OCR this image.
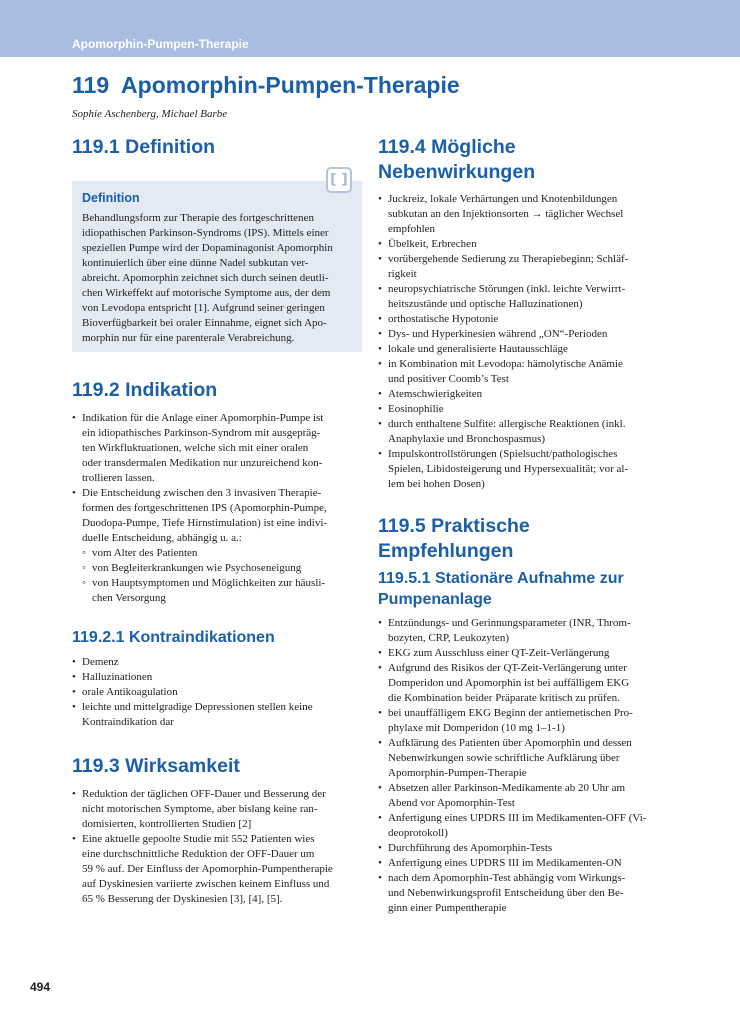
Apomorphin-Pumpen-Therapie
119 Apomorphin-Pumpen-Therapie
Sophie Aschenberg, Michael Barbe
119.1 Definition
[ ]
Definition

Behandlungsform zur Therapie des fortgeschrittenen
idiopathischen Parkinson-Syndroms (IPS). Mittels einer
speziellen Pumpe wird der Dopaminagonist Apomorphin
kontinuierlich über eine dünne Nadel subkutan ver-
abreicht. Apomorphin zeichnet sich durch seinen deutli-
chen Wirkeffekt auf motorische Symptome aus, der dem
von Levodopa entspricht [1]. Aufgrund seiner geringen
Bioverfügbarkeit bei oraler Einnahme, eignet sich Apo-
morphin nur für eine parenterale Verabreichung.

119.2 Indikation
• Indikation für die Anlage einer Apomorphin-Pumpe ist
ein idiopathisches Parkinson-Syndrom mit ausgepräg-
ten Wirkfluktuationen, welche sich mit einer oralen
oder transdermalen Medikation nur unzureichend kon-
trollieren lassen.
• Die Entscheidung zwischen den 3 invasiven Therapie-
formen des fortgeschrittenen IPS (Apomorphin-Pumpe,
Duodopa-Pumpe, Tiefe Hirnstimulation) ist eine indivi-
duelle Entscheidung, abhängig u. a.:
◦ vom Alter des Patienten
◦ von Begleiterkrankungen wie Psychoseneigung
◦ von Hauptsymptomen und Möglichkeiten zur häusli-
chen Versorgung
119.2.1 Kontraindikationen
• Demenz
• Halluzinationen
• orale Antikoagulation
• leichte und mittelgradige Depressionen stellen keine
Kontraindikation dar
119.3 Wirksamkeit
• Reduktion der täglichen OFF-Dauer und Besserung der
nicht motorischen Symptome, aber bislang keine ran-
domisierten, kontrollierten Studien [2]
• Eine aktuelle gepoolte Studie mit 552 Patienten wies
eine durchschnittliche Reduktion der OFF-Dauer um
59 % auf. Der Einfluss der Apomorphin-Pumpentherapie
auf Dyskinesien variierte zwischen keinem Einfluss und
65 % Besserung der Dyskinesien [3], [4], [5].
119.4 Mögliche
Nebenwirkungen
• Juckreiz, lokale Verhärtungen und Knotenbildungen
subkutan an den Injektionsorten → täglicher Wechsel
empfohlen
• Übelkeit, Erbrechen
• vorübergehende Sedierung zu Therapiebeginn; Schläf-
rigkeit
• neuropsychiatrische Störungen (inkl. leichte Verwirrt-
heitszustände und optische Halluzinationen)
• orthostatische Hypotonie
• Dys- und Hyperkinesien während „ON“-Perioden
• lokale und generalisierte Hautausschläge
• in Kombination mit Levodopa: hämolytische Anämie
und positiver Coomb’s Test
• Atemschwierigkeiten
• Eosinophilie
• durch enthaltene Sulfite: allergische Reaktionen (inkl.
Anaphylaxie und Bronchospasmus)
• Impulskontrollstörungen (Spielsucht/pathologisches
Spielen, Libidosteigerung und Hypersexualität; vor al-
lem bei hohen Dosen)
119.5 Praktische
Empfehlungen
119.5.1 Stationäre Aufnahme zur
Pumpenanlage
• Entzündungs- und Gerinnungsparameter (INR, Throm-
bozyten, CRP, Leukozyten)
• EKG zum Ausschluss einer QT-Zeit-Verlängerung
• Aufgrund des Risikos der QT-Zeit-Verlängerung unter
Domperidon und Apomorphin ist bei auffälligem EKG
die Kombination beider Präparate kritisch zu prüfen.
• bei unauffälligem EKG Beginn der antiemetischen Pro-
phylaxe mit Domperidon (10 mg 1–1-1)
• Aufklärung des Patienten über Apomorphin und dessen
Nebenwirkungen sowie schriftliche Aufklärung über
Apomorphin-Pumpen-Therapie
• Absetzen aller Parkinson-Medikamente ab 20 Uhr am
Abend vor Apomorphin-Test
• Anfertigung eines UPDRS III im Medikamenten-OFF (Vi-
deoprotokoll)
• Durchführung des Apomorphin-Tests
• Anfertigung eines UPDRS III im Medikamenten-ON
• nach dem Apomorphin-Test abhängig vom Wirkungs-
und Nebenwirkungsprofil Entscheidung über den Be-
ginn einer Pumpentherapie
494
